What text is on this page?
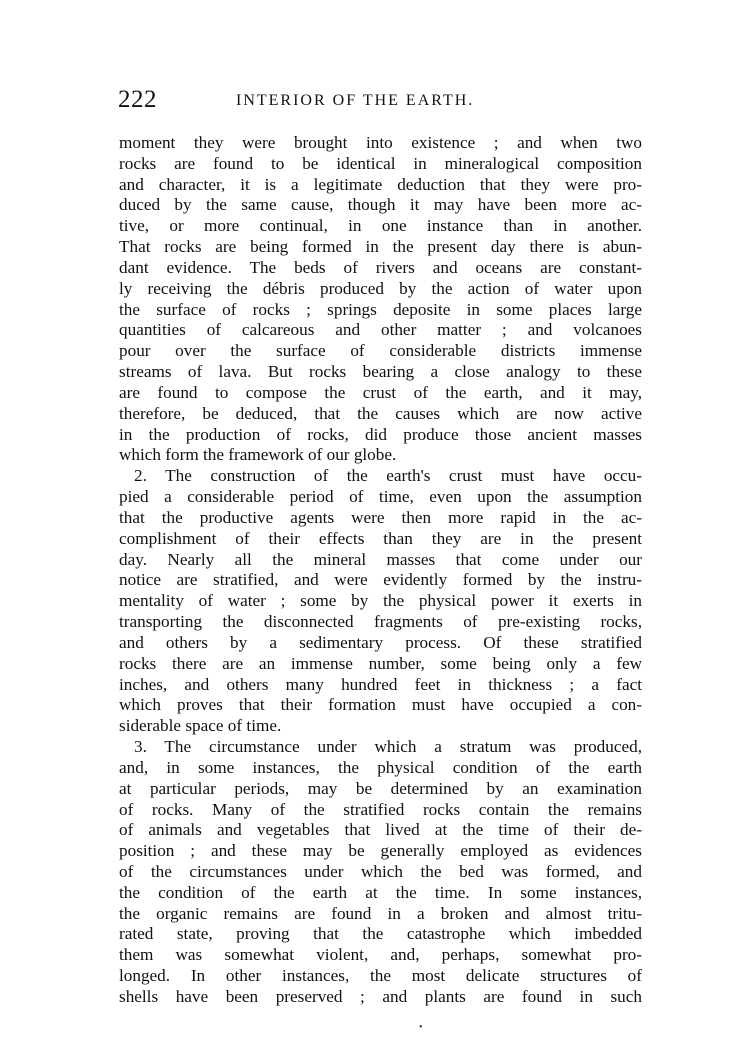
222	INTERIOR OF THE EARTH.
moment they were brought into existence ; and when two
rocks are found to be identical in mineralogical composition
and character, it is a legitimate deduction that they were pro-
duced by the same cause, though it may have been more ac-
tive, or more continual, in one instance than in another.
That rocks are being formed in the present day there is abun-
dant evidence. The beds of rivers and oceans are constant-
ly receiving the débris produced by the action of water upon
the surface of rocks ; springs deposite in some places large
quantities of calcareous and other matter ; and volcanoes
pour over the surface of considerable districts immense
streams of lava. But rocks bearing a close analogy to these
are found to compose the crust of the earth, and it may,
therefore, be deduced, that the causes which are now active
in the production of rocks, did produce those ancient masses
which form the framework of our globe.
2. The construction of the earth's crust must have occu-
pied a considerable period of time, even upon the assumption
that the productive agents were then more rapid in the ac-
complishment of their effects than they are in the present
day. Nearly all the mineral masses that come under our
notice are stratified, and were evidently formed by the instru-
mentality of water ; some by the physical power it exerts in
transporting the disconnected fragments of pre-existing rocks,
and others by a sedimentary process. Of these stratified
rocks there are an immense number, some being only a few
inches, and others many hundred feet in thickness ; a fact
which proves that their formation must have occupied a con-
siderable space of time.
3. The circumstance under which a stratum was produced,
and, in some instances, the physical condition of the earth
at particular periods, may be determined by an examination
of rocks. Many of the stratified rocks contain the remains
of animals and vegetables that lived at the time of their de-
position ; and these may be generally employed as evidences
of the circumstances under which the bed was formed, and
the condition of the earth at the time. In some instances,
the organic remains are found in a broken and almost tritu-
rated state, proving that the catastrophe which imbedded
them was somewhat violent, and, perhaps, somewhat pro-
longed. In other instances, the most delicate structures of
shells have been preserved ; and plants are found in such
•
